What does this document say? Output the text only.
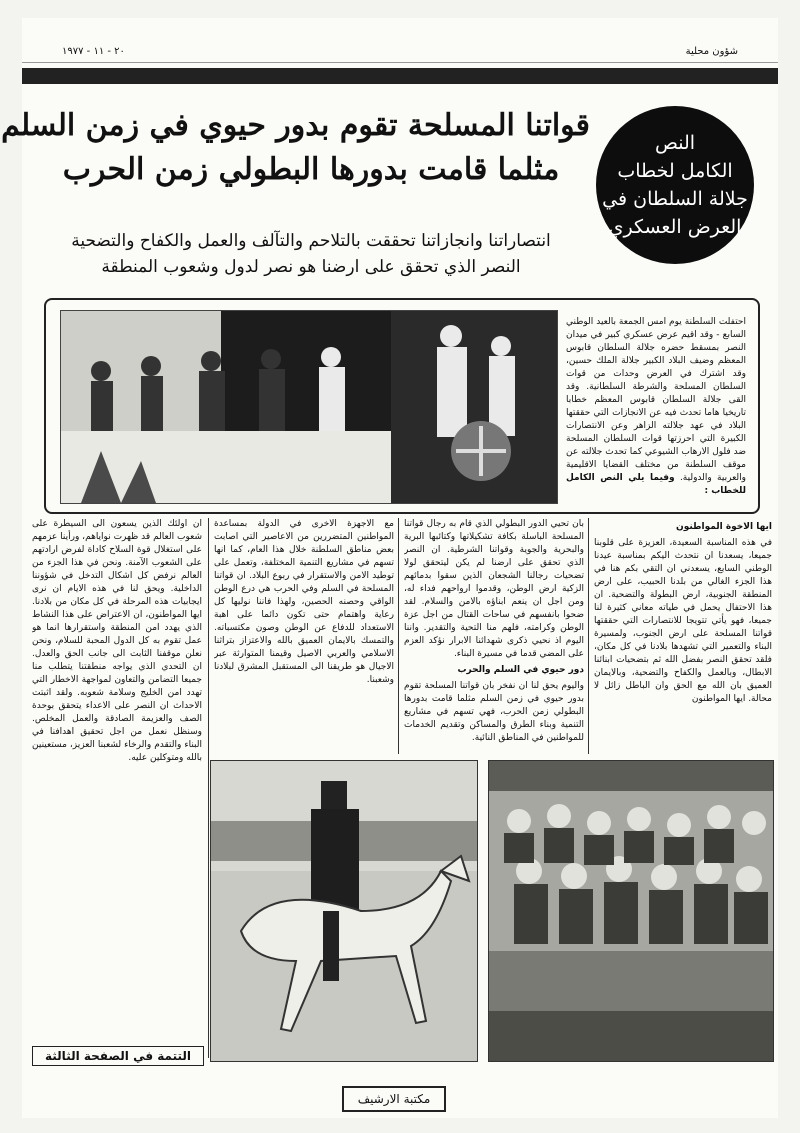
شؤون محلية
٢٠ - ١١ - ١٩٧٧
النص
الكامل لخطاب
جلالة السلطان في
العرض العسكري
قواتنا المسلحة تقوم بدور حيوي في زمن السلم
مثلما قامت بدورها البطولي زمن الحرب
انتصاراتنا وانجازاتنا تحققت بالتلاحم والتآلف والعمل والكفاح والتضحية
النصر الذي تحقق على ارضنا هو نصر لدول وشعوب المنطقة
احتفلت السلطنة يوم امس الجمعة بالعيد الوطني السابع - وقد اقيم عرض عسكري كبير في ميدان النصر بمسقط حضره جلالة السلطان قابوس المعظم وضيف البلاد الكبير جلالة الملك حسين، وقد اشترك في العرض وحدات من قوات السلطان المسلحة والشرطة السلطانية. وقد القى جلالة السلطان قابوس المعظم خطابا تاريخيا هاما تحدث فيه عن الانجازات التي حققتها البلاد في عهد جلالته الزاهر وعن الانتصارات الكبيرة التي احرزتها قوات السلطان المسلحة ضد فلول الارهاب الشيوعي كما تحدث جلالته عن موقف السلطنة من مختلف القضايا الاقليمية والعربية والدولية. وفيما يلي النص الكامل للخطاب :
ايها الاخوة المواطنون
في هذه المناسبة السعيدة، العزيزة على قلوبنا جميعا، يسعدنا ان نتحدث اليكم بمناسبة عيدنا الوطني السابع، يسعدني ان التقي بكم هنا في هذا الجزء الغالي من بلدنا الحبيب، على ارض المنطقة الجنوبية، ارض البطولة والتضحية. ان هذا الاحتفال يحمل في طياته معاني كثيرة لنا جميعا، فهو يأتي تتويجا للانتصارات التي حققتها قواتنا المسلحة على ارض الجنوب، ولمسيرة البناء والتعمير التي تشهدها بلادنا في كل مكان، فلقد تحقق النصر بفضل الله ثم بتضحيات ابنائنا الابطال، وبالعمل والكفاح والتضحية، وبالايمان العميق بان الله مع الحق وان الباطل زائل لا محالة. ايها المواطنون
بان تحيي الدور البطولي الذي قام به رجال قواتنا المسلحة الباسلة بكافة تشكيلاتها وكتائبها البرية والبحرية والجوية وقواتنا الشرطية. ان النصر الذي تحقق على ارضنا لم يكن ليتحقق لولا تضحيات رجالنا الشجعان الذين سقوا بدمائهم الزكية ارض الوطن، وقدموا ارواحهم فداء له، ومن اجل ان ينعم ابناؤه بالامن والسلام. لقد ضحوا بانفسهم في ساحات القتال من اجل عزة الوطن وكرامته، فلهم منا التحية والتقدير. واننا اليوم اذ نحيي ذكرى شهدائنا الابرار نؤكد العزم على المضي قدما في مسيرة البناء.
دور حيوي في السلم والحرب
واليوم يحق لنا ان نفخر بان قواتنا المسلحة تقوم بدور حيوي في زمن السلم مثلما قامت بدورها البطولي زمن الحرب، فهي تسهم في مشاريع التنمية وبناء الطرق والمساكن وتقديم الخدمات للمواطنين في المناطق النائية.
مع الاجهزة الاخرى في الدولة بمساعدة المواطنين المتضررين من الاعاصير التي اصابت بعض مناطق السلطنة خلال هذا العام، كما انها تسهم في مشاريع التنمية المختلفة، وتعمل على توطيد الامن والاستقرار في ربوع البلاد. ان قواتنا المسلحة في السلم وفي الحرب هي درع الوطن الواقي وحصنه الحصين، ولهذا فاننا نوليها كل رعاية واهتمام حتى تكون دائما على اهبة الاستعداد للدفاع عن الوطن وصون مكتسباته. والتمسك بالايمان العميق بالله والاعتزاز بتراثنا الاسلامي والعربي الاصيل وقيمنا المتوارثة عبر الاجيال هو طريقنا الى المستقبل المشرق لبلادنا وشعبنا.
ان اولئك الذين يسعون الى السيطرة على شعوب العالم قد ظهرت نواياهم، ورأينا عزمهم على استغلال قوة السلاح كاداة لفرض ارادتهم على الشعوب الآمنة. ونحن في هذا الجزء من العالم نرفض كل اشكال التدخل في شؤوننا الداخلية. ويحق لنا في هذه الايام ان نرى ايجابيات هذه المرحلة في كل مكان من بلادنا. ايها المواطنون، ان الاعتراض على هذا النشاط الذي يهدد امن المنطقة واستقرارها انما هو عمل تقوم به كل الدول المحبة للسلام، ونحن نعلن موقفنا الثابت الى جانب الحق والعدل. ان التحدي الذي يواجه منطقتنا يتطلب منا جميعا التضامن والتعاون لمواجهة الاخطار التي تهدد امن الخليج وسلامة شعوبه. ولقد اثبتت الاحداث ان النصر على الاعداء يتحقق بوحدة الصف والعزيمة الصادقة والعمل المخلص. وسنظل نعمل من اجل تحقيق اهدافنا في البناء والتقدم والرخاء لشعبنا العزيز، مستعينين بالله ومتوكلين عليه.
التتمة في الصفحة الثالثة
مكتبة الارشيف
